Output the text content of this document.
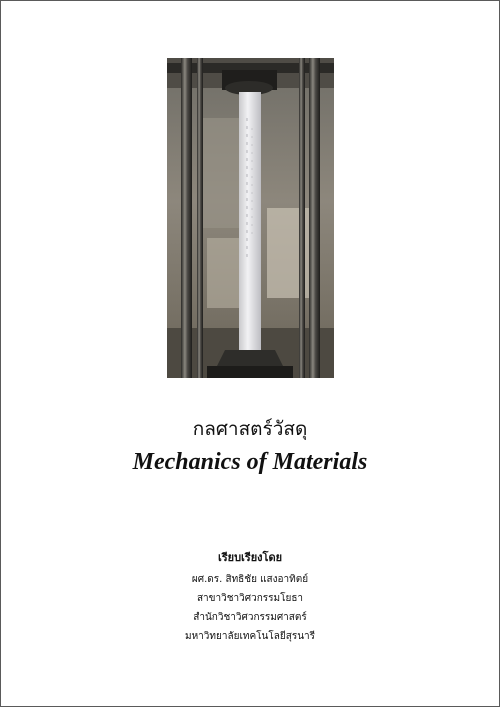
กลศาสตร์วัสดุ
Mechanics of Materials
เรียบเรียงโดย
ผศ.ดร. สิทธิชัย แสงอาทิตย์
สาขาวิชาวิศวกรรมโยธา
สำนักวิชาวิศวกรรมศาสตร์
มหาวิทยาลัยเทคโนโลยีสุรนารี
